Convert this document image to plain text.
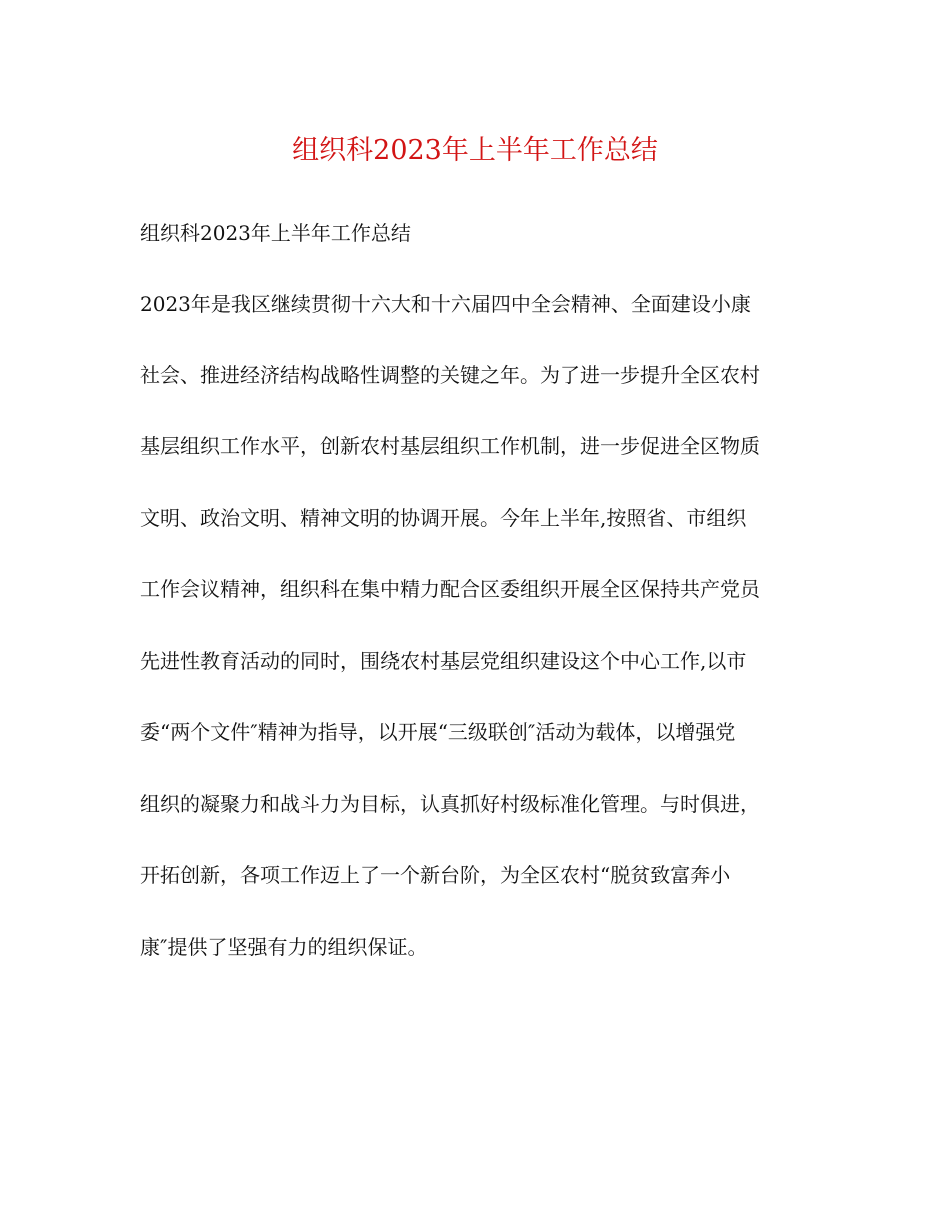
组织科2023年上半年工作总结

组织科2023年上半年工作总结

2023年是我区继续贯彻十六大和十六届四中全会精神、全面建设小康
社会、推进经济结构战略性调整的关键之年。为了进一步提升全区农村
基层组织工作水平，创新农村基层组织工作机制，进一步促进全区物质
文明、政治文明、精神文明的协调开展。今年上半年,按照省、市组织
工作会议精神，组织科在集中精力配合区委组织开展全区保持共产党员
先进性教育活动的同时，围绕农村基层党组织建设这个中心工作,以市
委“两个文件″精神为指导，以开展“三级联创″活动为载体，以增强党
组织的凝聚力和战斗力为目标，认真抓好村级标准化管理。与时俱进，
开拓创新，各项工作迈上了一个新台阶，为全区农村“脱贫致富奔小
康″提供了坚强有力的组织保证。
